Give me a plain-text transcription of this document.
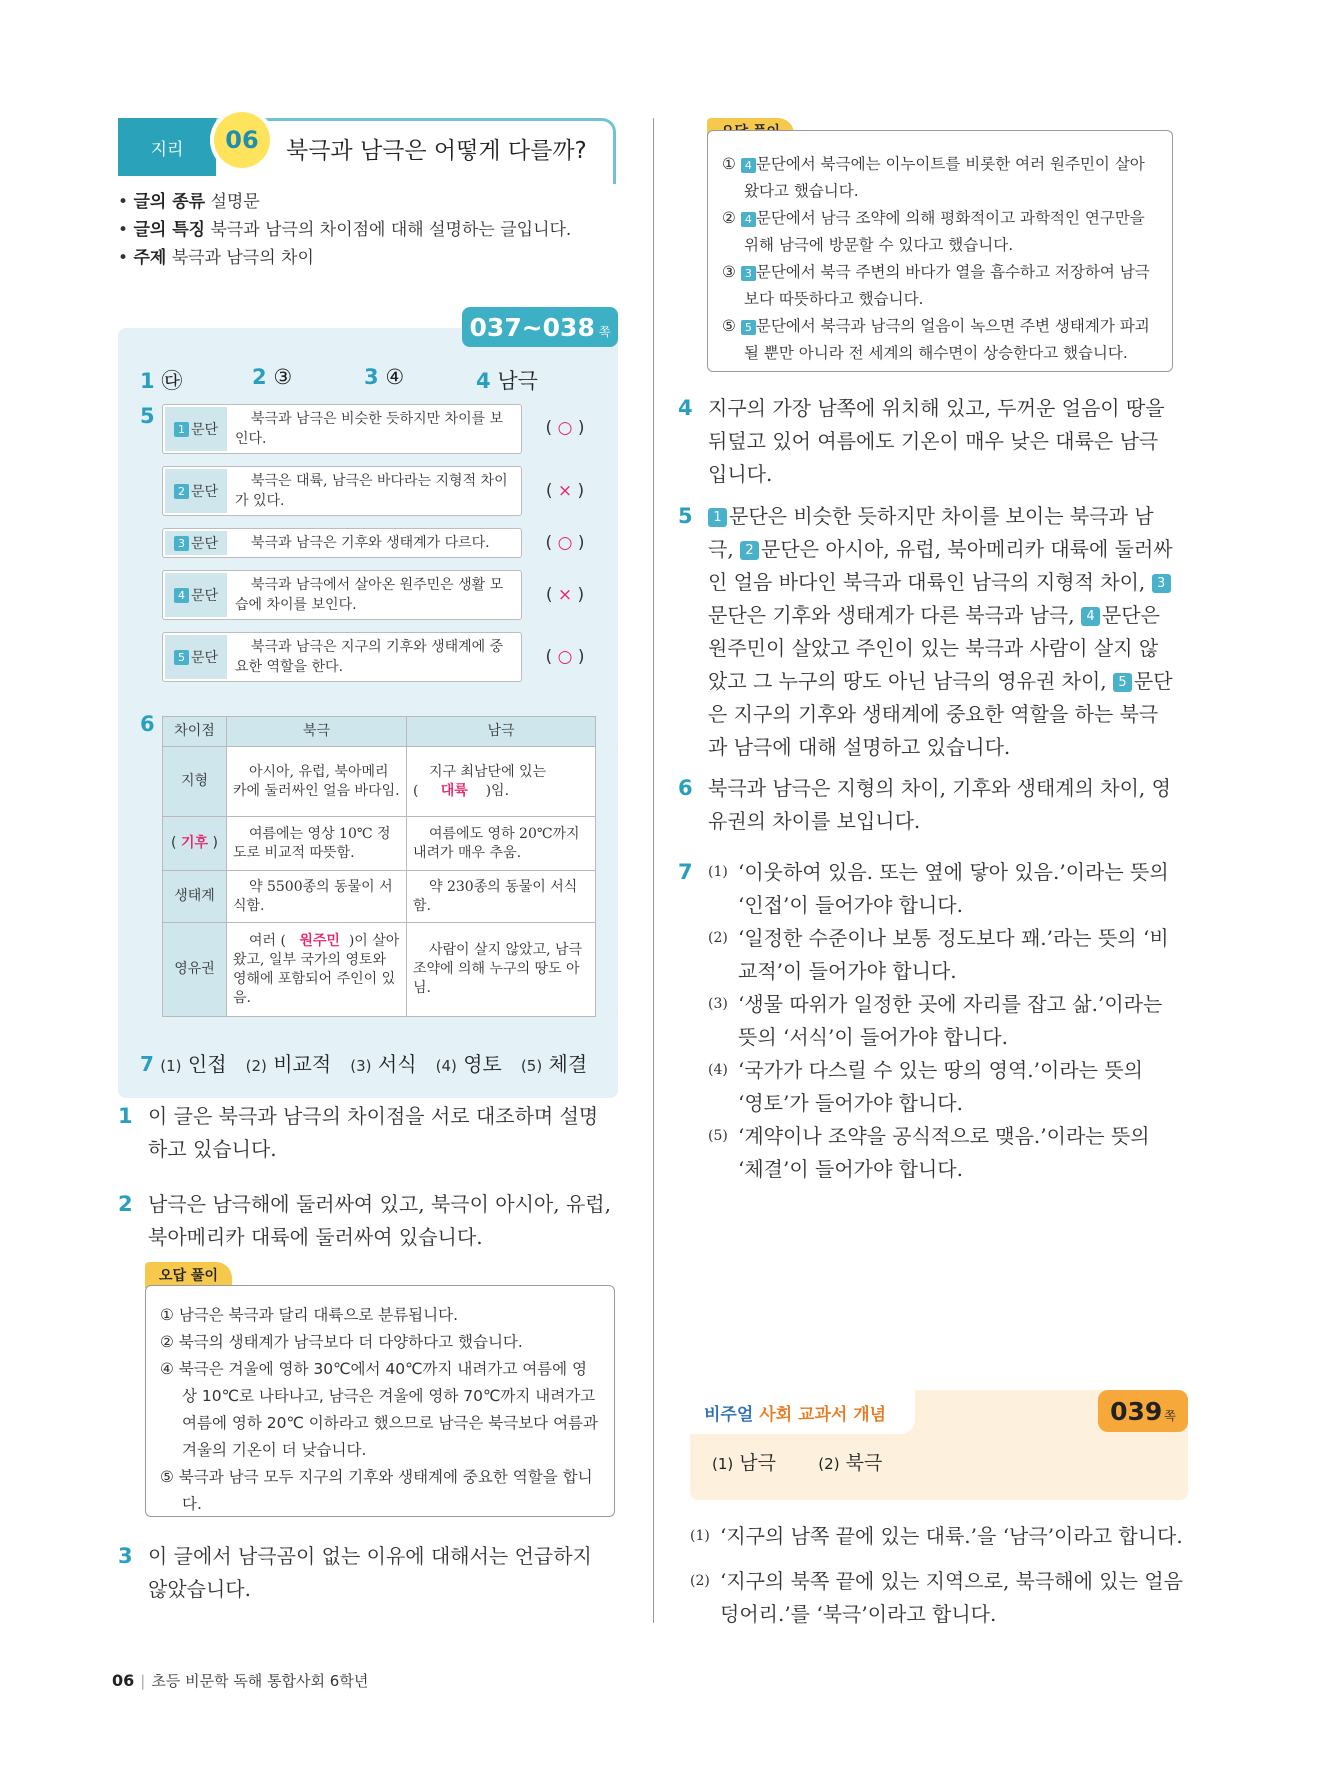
지리	06	북극과 남극은 어떻게 다를까?
• 글의 종류 설명문
• 글의 특징 북극과 남극의 차이점에 대해 설명하는 글입니다.
• 주제 북극과 남극의 차이
037~038 쪽
1 ㉰	2 ③	3 ④	4 남극
5
1 문단
북극과 남극은 비슷한 듯하지만 차이를 보인다.
( ○ )
2 문단
북극은 대륙, 남극은 바다라는 지형적 차이가 있다.	( × )
3 문단	북극과 남극은 기후와 생태계가 다르다.	( ○ )
4 문단
북극과 남극에서 살아온 원주민은 생활 모습에 차이를 보인다.	( × )
5 문단
북극과 남극은 지구의 기후와 생태계에 중요한 역할을 한다.	( ○ )
6 차이점	북극	남극
지형	아시아, 유럽, 북아메리카에 둘러싸인 얼음 바다임.	지구 최남단에 있는
(     대륙 )임.
( 기후 )	여름에는 영상 10℃ 정도로 비교적 따뜻함.	여름에도 영하 20℃까지 내려가 매우 추움.
생태계	약 5500종의 동물이 서식함.	약 230종의 동물이 서식함.
영유권	여러 ( 원주민 )이 살아왔고, 일부 국가의 영토와 영해에 포함되어 주인이 있음.	사람이 살지 않았고, 남극 조약에 의해 누구의 땅도 아님.
7 (1) 인접 (2) 비교적 (3) 서식 (4) 영토 (5) 체결
1 이 글은 북극과 남극의 차이점을 서로 대조하며 설명하고 있습니다.
2 남극은 남극해에 둘러싸여 있고, 북극이 아시아, 유럽, 북아메리카 대륙에 둘러싸여 있습니다.
오답 풀이
① 남극은 북극과 달리 대륙으로 분류됩니다.
② 북극의 생태계가 남극보다 더 다양하다고 했습니다.
④ 북극은 겨울에 영하 30℃에서 40℃까지 내려가고 여름에 영상 10℃로 나타나고, 남극은 겨울에 영하 70℃까지 내려가고 여름에 영하 20℃ 이하라고 했으므로 남극은 북극보다 여름과 겨울의 기온이 더 낮습니다.
⑤ 북극과 남극 모두 지구의 기후와 생태계에 중요한 역할을 합니다.
3 이 글에서 남극곰이 없는 이유에 대해서는 언급하지 않았습니다.
① 4 문단에서 북극에는 이누이트를 비롯한 여러 원주민이 살아 왔다고 했습니다.
② 4 문단에서 남극 조약에 의해 평화적이고 과학적인 연구만을 위해 남극에 방문할 수 있다고 했습니다.
③ 3 문단에서 북극 주변의 바다가 열을 흡수하고 저장하여 남극보다 따뜻하다고 했습니다.
⑤ 5 문단에서 북극과 남극의 얼음이 녹으면 주변 생태계가 파괴될 뿐만 아니라 전 세계의 해수면이 상승한다고 했습니다.
4 지구의 가장 남쪽에 위치해 있고, 두꺼운 얼음이 땅을 뒤덮고 있어 여름에도 기온이 매우 낮은 대륙은 남극입니다.
5 1 문단은 비슷한 듯하지만 차이를 보이는 북극과 남극, 2 문단은 아시아, 유럽, 북아메리카 대륙에 둘러싸인 얼음 바다인 북극과 대륙인 남극의 지형적 차이, 3문단은 기후와 생태계가 다른 북극과 남극, 4 문단은 원주민이 살았고 주인이 있는 북극과 사람이 살지 않았고 그 누구의 땅도 아닌 남극의 영유권 차이, 5 문단은 지구의 기후와 생태계에 중요한 역할을 하는 북극과 남극에 대해 설명하고 있습니다.
6 북극과 남극은 지형의 차이, 기후와 생태계의 차이, 영유권의 차이를 보입니다.
7 (1) ‘이웃하여 있음. 또는 옆에 닿아 있음.’이라는 뜻의 ‘인접’이 들어가야 합니다.
(2) ‘일정한 수준이나 보통 정도보다 꽤.’라는 뜻의 ‘비교적’이 들어가야 합니다.
(3) ‘생물 따위가 일정한 곳에 자리를 잡고 삶.’이라는 뜻의 ‘서식’이 들어가야 합니다.
(4) ‘국가가 다스릴 수 있는 땅의 영역.’이라는 뜻의 ‘영토’가 들어가야 합니다.
(5) ‘계약이나 조약을 공식적으로 맺음.’이라는 뜻의 ‘체결’이 들어가야 합니다.
비주얼 사회 교과서 개념	039 쪽
(1) 남극	(2) 북극
(1) ‘지구의 남쪽 끝에 있는 대륙.’을 ‘남극’이라고 합니다.
(2) ‘지구의 북쪽 끝에 있는 지역으로, 북극해에 있는 얼음 덩어리.’를 ‘북극’이라고 합니다.
06 | 초등 비문학 독해 통합사회 6학년
